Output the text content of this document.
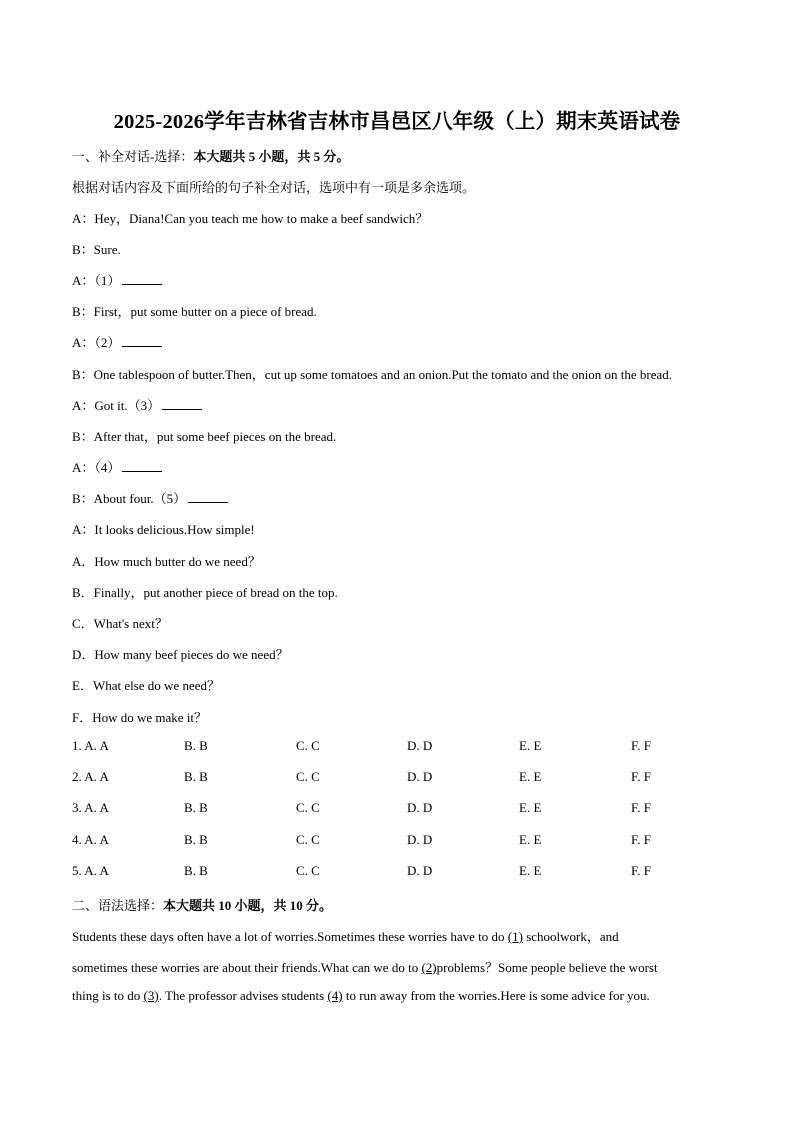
2025-2026学年吉林省吉林市昌邑区八年级（上）期末英语试卷
一、补全对话-选择：本大题共 5 小题，共 5 分。
根据对话内容及下面所给的句子补全对话，选项中有一项是多余选项。
A：Hey，Diana!Can you teach me how to make a beef sandwich？
B：Sure.
A：（1）
B：First，put some butter on a piece of bread.
A：（2）
B：One tablespoon of butter.Then，cut up some tomatoes and an onion.Put the tomato and the onion on the bread.
A：Got it.（3）
B：After that，put some beef pieces on the bread.
A：（4）
B：About four.（5）
A：It looks delicious.How simple!
A．How much butter do we need？
B．Finally，put another piece of bread on the top.
C．What's next？
D．How many beef pieces do we need？
E．What else do we need？
F．How do we make it？
1. A. A	B. B	C. C	D. D	E. E	F. F
2. A. A	B. B	C. C	D. D	E. E	F. F
3. A. A	B. B	C. C	D. D	E. E	F. F
4. A. A	B. B	C. C	D. D	E. E	F. F
5. A. A	B. B	C. C	D. D	E. E	F. F
二、语法选择：本大题共 10 小题，共 10 分。
Students these days often have a lot of worries.Sometimes these worries have to do (1) schoolwork，and
sometimes these worries are about their friends.What can we do to (2)problems？Some people believe the worst
thing is to do (3). The professor advises students (4) to run away from the worries.Here is some advice for you.
